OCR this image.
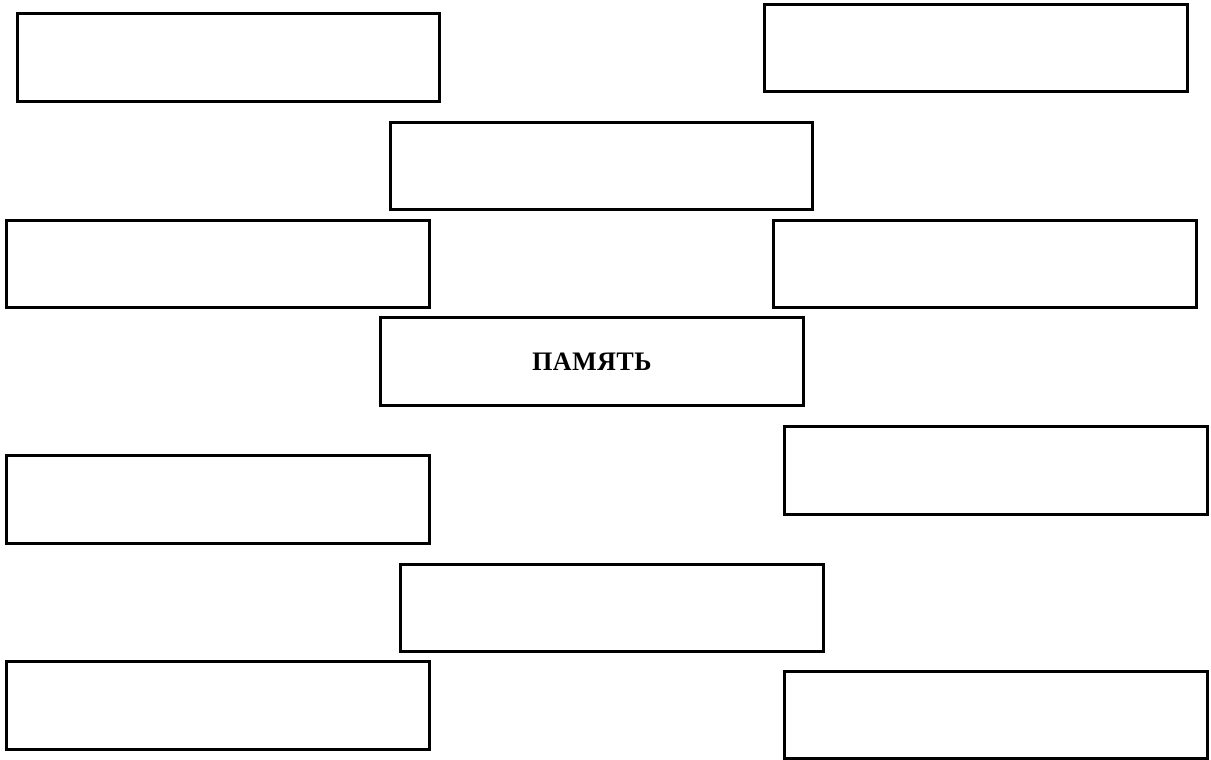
ПАМЯТЬ
